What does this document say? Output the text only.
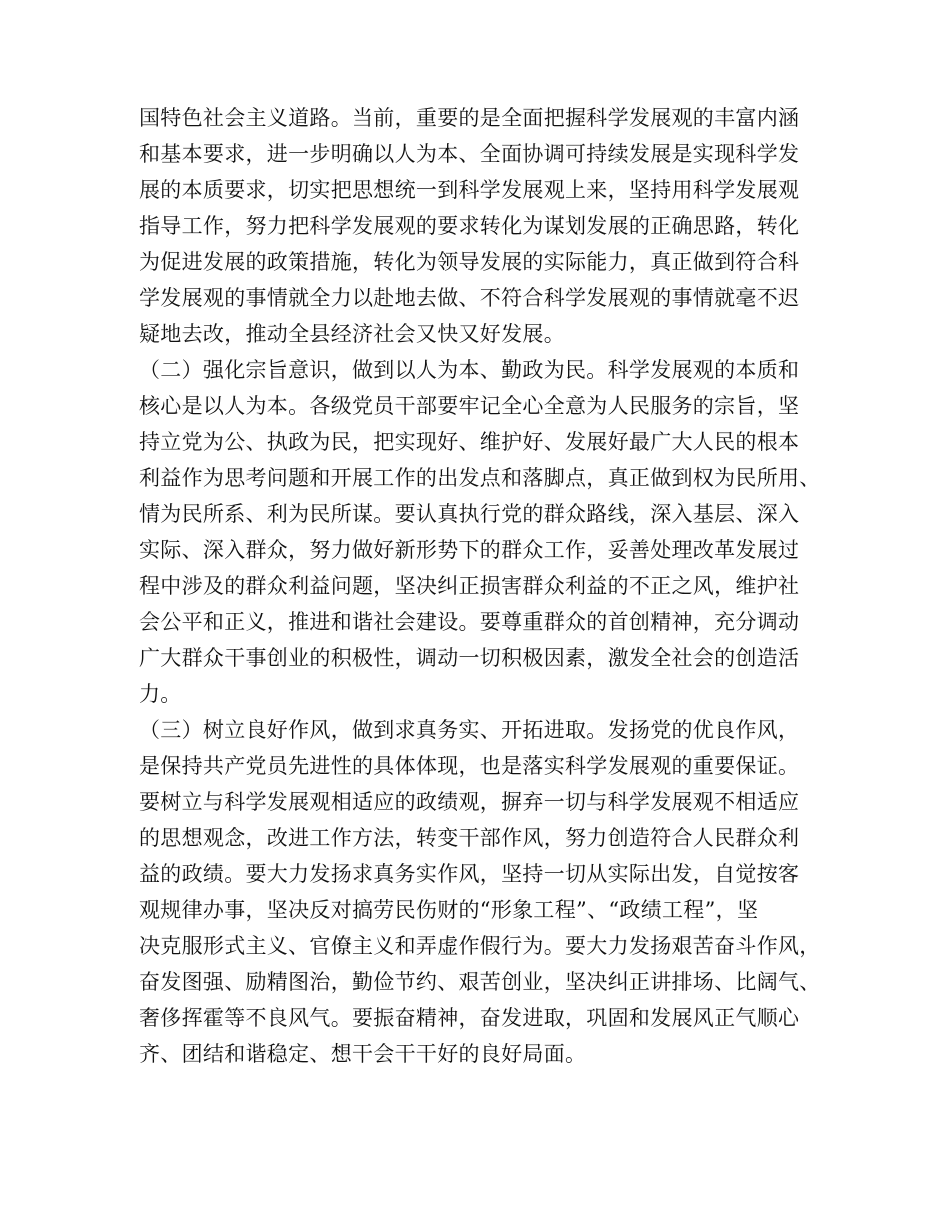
国特色社会主义道路。当前，重要的是全面把握科学发展观的丰富内涵
和基本要求，进一步明确以人为本、全面协调可持续发展是实现科学发
展的本质要求，切实把思想统一到科学发展观上来，坚持用科学发展观
指导工作，努力把科学发展观的要求转化为谋划发展的正确思路，转化
为促进发展的政策措施，转化为领导发展的实际能力，真正做到符合科
学发展观的事情就全力以赴地去做、不符合科学发展观的事情就毫不迟
疑地去改，推动全县经济社会又快又好发展。
（二）强化宗旨意识，做到以人为本、勤政为民。科学发展观的本质和
核心是以人为本。各级党员干部要牢记全心全意为人民服务的宗旨，坚
持立党为公、执政为民，把实现好、维护好、发展好最广大人民的根本
利益作为思考问题和开展工作的出发点和落脚点，真正做到权为民所用、
情为民所系、利为民所谋。要认真执行党的群众路线，深入基层、深入
实际、深入群众，努力做好新形势下的群众工作，妥善处理改革发展过
程中涉及的群众利益问题，坚决纠正损害群众利益的不正之风，维护社
会公平和正义，推进和谐社会建设。要尊重群众的首创精神，充分调动
广大群众干事创业的积极性，调动一切积极因素，激发全社会的创造活
力。
（三）树立良好作风，做到求真务实、开拓进取。发扬党的优良作风，
是保持共产党员先进性的具体体现，也是落实科学发展观的重要保证。
要树立与科学发展观相适应的政绩观，摒弃一切与科学发展观不相适应
的思想观念，改进工作方法，转变干部作风，努力创造符合人民群众利
益的政绩。要大力发扬求真务实作风，坚持一切从实际出发，自觉按客
观规律办事，坚决反对搞劳民伤财的“形象工程”、“政绩工程”，坚
决克服形式主义、官僚主义和弄虚作假行为。要大力发扬艰苦奋斗作风，
奋发图强、励精图治，勤俭节约、艰苦创业，坚决纠正讲排场、比阔气、
奢侈挥霍等不良风气。要振奋精神，奋发进取，巩固和发展风正气顺心
齐、团结和谐稳定、想干会干干好的良好局面。
